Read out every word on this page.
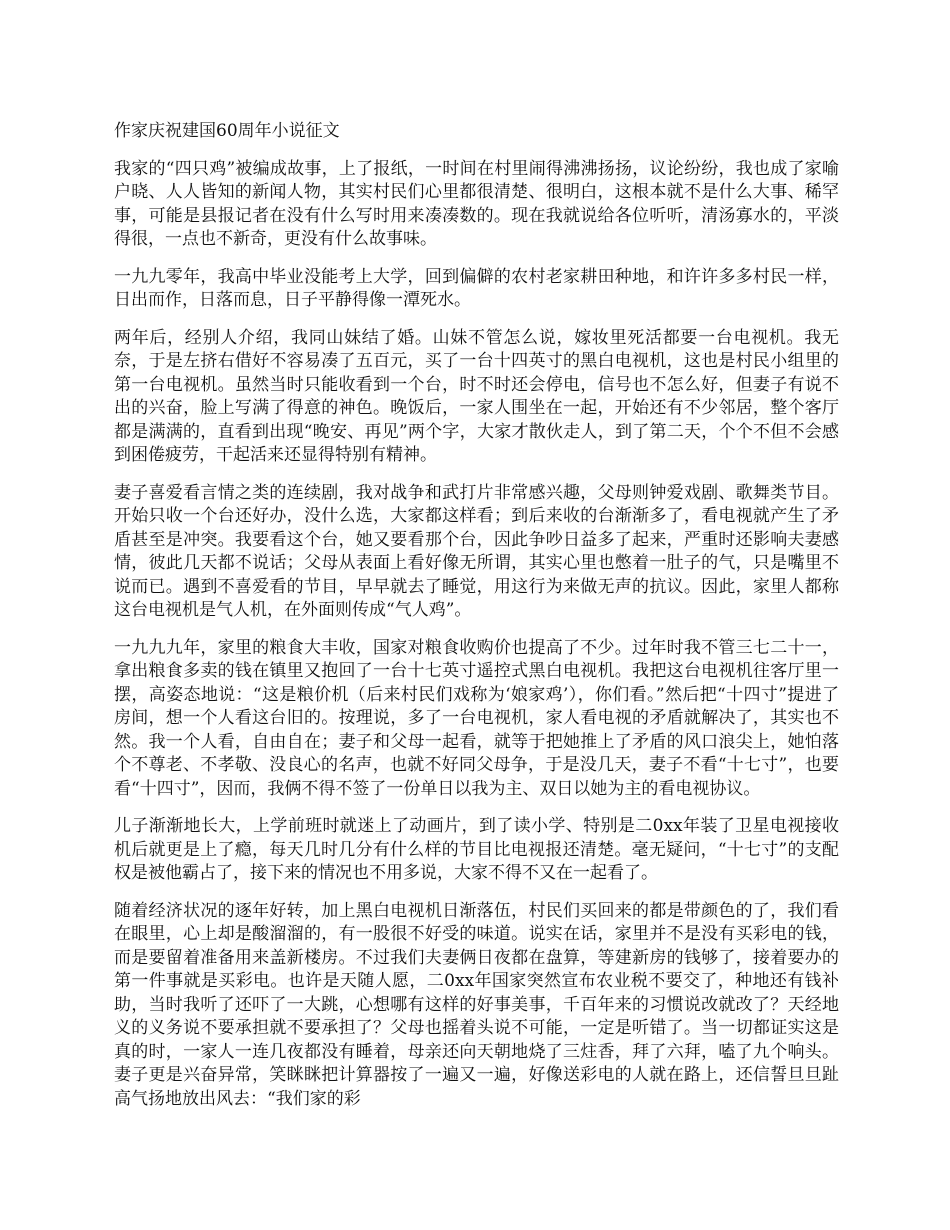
作家庆祝建国60周年小说征文

我家的“四只鸡”被编成故事，上了报纸，一时间在村里闹得沸沸扬扬，议论纷纷，我也成了家喻户晓、人人皆知的新闻人物，其实村民们心里都很清楚、很明白，这根本就不是什么大事、稀罕事，可能是县报记者在没有什么写时用来凑凑数的。现在我就说给各位听听，清汤寡水的，平淡得很，一点也不新奇，更没有什么故事味。

一九九零年，我高中毕业没能考上大学，回到偏僻的农村老家耕田种地，和许许多多村民一样，日出而作，日落而息，日子平静得像一潭死水。

两年后，经别人介绍，我同山妹结了婚。山妹不管怎么说，嫁妆里死活都要一台电视机。我无奈，于是左挤右借好不容易凑了五百元，买了一台十四英寸的黑白电视机，这也是村民小组里的第一台电视机。虽然当时只能收看到一个台，时不时还会停电，信号也不怎么好，但妻子有说不出的兴奋，脸上写满了得意的神色。晚饭后，一家人围坐在一起，开始还有不少邻居，整个客厅都是满满的，直看到出现“晚安、再见”两个字，大家才散伙走人，到了第二天，个个不但不会感到困倦疲劳，干起活来还显得特别有精神。

妻子喜爱看言情之类的连续剧，我对战争和武打片非常感兴趣，父母则钟爱戏剧、歌舞类节目。开始只收一个台还好办，没什么选，大家都这样看；到后来收的台渐渐多了，看电视就产生了矛盾甚至是冲突。我要看这个台，她又要看那个台，因此争吵日益多了起来，严重时还影响夫妻感情，彼此几天都不说话；父母从表面上看好像无所谓，其实心里也憋着一肚子的气，只是嘴里不说而已。遇到不喜爱看的节目，早早就去了睡觉，用这行为来做无声的抗议。因此，家里人都称这台电视机是气人机，在外面则传成“气人鸡”。

一九九九年，家里的粮食大丰收，国家对粮食收购价也提高了不少。过年时我不管三七二十一，拿出粮食多卖的钱在镇里又抱回了一台十七英寸遥控式黑白电视机。我把这台电视机往客厅里一摆，高姿态地说：“这是粮价机（后来村民们戏称为‘娘家鸡’），你们看。”然后把“十四寸”提进了房间，想一个人看这台旧的。按理说，多了一台电视机，家人看电视的矛盾就解决了，其实也不然。我一个人看，自由自在；妻子和父母一起看，就等于把她推上了矛盾的风口浪尖上，她怕落个不尊老、不孝敬、没良心的名声，也就不好同父母争，于是没几天，妻子不看“十七寸”，也要看“十四寸”，因而，我俩不得不签了一份单日以我为主、双日以她为主的看电视协议。

儿子渐渐地长大，上学前班时就迷上了动画片，到了读小学、特别是二0xx年装了卫星电视接收机后就更是上了瘾，每天几时几分有什么样的节目比电视报还清楚。毫无疑问，“十七寸”的支配权是被他霸占了，接下来的情况也不用多说，大家不得不又在一起看了。

随着经济状况的逐年好转，加上黑白电视机日渐落伍，村民们买回来的都是带颜色的了，我们看在眼里，心上却是酸溜溜的，有一股很不好受的味道。说实在话，家里并不是没有买彩电的钱，而是要留着准备用来盖新楼房。不过我们夫妻俩日夜都在盘算，等建新房的钱够了，接着要办的第一件事就是买彩电。也许是天随人愿，二0xx年国家突然宣布农业税不要交了，种地还有钱补助，当时我听了还吓了一大跳，心想哪有这样的好事美事，千百年来的习惯说改就改了？天经地义的义务说不要承担就不要承担了？父母也摇着头说不可能，一定是听错了。当一切都证实这是真的时，一家人一连几夜都没有睡着，母亲还向天朝地烧了三炷香，拜了六拜，嗑了九个响头。妻子更是兴奋异常，笑眯眯把计算器按了一遍又一遍，好像送彩电的人就在路上，还信誓旦旦趾高气扬地放出风去：“我们家的彩
